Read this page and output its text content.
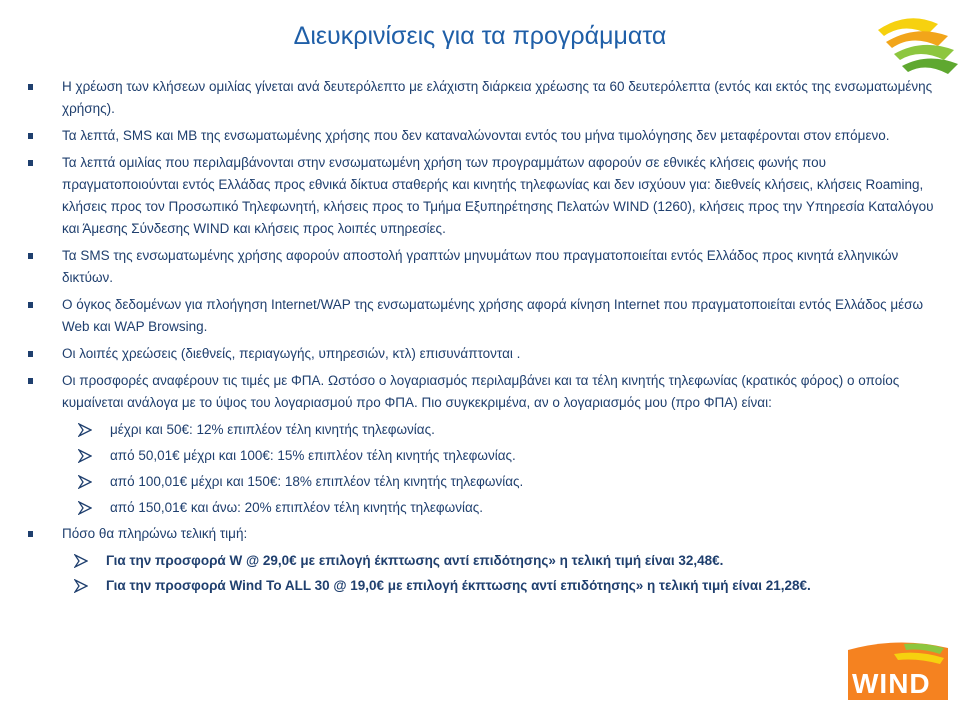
Διευκρινίσεις για τα προγράμματα
Η χρέωση των κλήσεων ομιλίας γίνεται ανά δευτερόλεπτο με ελάχιστη διάρκεια χρέωσης τα 60 δευτερόλεπτα (εντός και εκτός της ενσωματωμένης χρήσης).
Τα λεπτά, SMS και MB της ενσωματωμένης χρήσης που δεν καταναλώνονται εντός του μήνα τιμολόγησης δεν μεταφέρονται στον επόμενο.
Τα λεπτά ομιλίας που περιλαμβάνονται στην ενσωματωμένη χρήση των προγραμμάτων αφορούν σε εθνικές κλήσεις φωνής που πραγματοποιούνται εντός Ελλάδας προς εθνικά δίκτυα σταθερής και κινητής τηλεφωνίας και δεν ισχύουν για: διεθνείς κλήσεις, κλήσεις Roaming, κλήσεις προς τον Προσωπικό Τηλεφωνητή, κλήσεις προς το Τμήμα Εξυπηρέτησης Πελατών WIND (1260), κλήσεις προς την Υπηρεσία Καταλόγου και Άμεσης Σύνδεσης WIND και κλήσεις προς λοιπές υπηρεσίες.
Τα SMS της ενσωματωμένης χρήσης αφορούν αποστολή γραπτών μηνυμάτων που πραγματοποιείται εντός Ελλάδος προς κινητά ελληνικών δικτύων.
Ο όγκος δεδομένων για πλοήγηση Internet/WAP της ενσωματωμένης χρήσης αφορά κίνηση Internet που πραγματοποιείται εντός Ελλάδος μέσω Web και WAP Browsing.
Οι λοιπές χρεώσεις (διεθνείς, περιαγωγής, υπηρεσιών, κτλ) επισυνάπτονται .
Οι προσφορές αναφέρουν τις τιμές με ΦΠΑ. Ωστόσο ο λογαριασμός περιλαμβάνει και τα τέλη κινητής τηλεφωνίας (κρατικός φόρος) ο οποίος κυμαίνεται ανάλογα με το ύψος του λογαριασμού προ ΦΠΑ. Πιο συγκεκριμένα, αν ο λογαριασμός μου (προ ΦΠΑ) είναι:
μέχρι και 50€: 12% επιπλέον τέλη κινητής τηλεφωνίας.
από 50,01€ μέχρι και 100€: 15% επιπλέον τέλη κινητής τηλεφωνίας.
από 100,01€ μέχρι και 150€: 18% επιπλέον τέλη κινητής τηλεφωνίας.
από 150,01€ και άνω: 20% επιπλέον τέλη κινητής τηλεφωνίας.
Πόσο θα πληρώνω τελική τιμή:
Για την προσφορά W @ 29,0€ με επιλογή έκπτωσης αντί επιδότησης» η τελική τιμή είναι 32,48€.
Για την προσφορά Wind To ALL 30 @ 19,0€ με επιλογή έκπτωσης αντί επιδότησης» η τελική τιμή είναι 21,28€.
WIND
